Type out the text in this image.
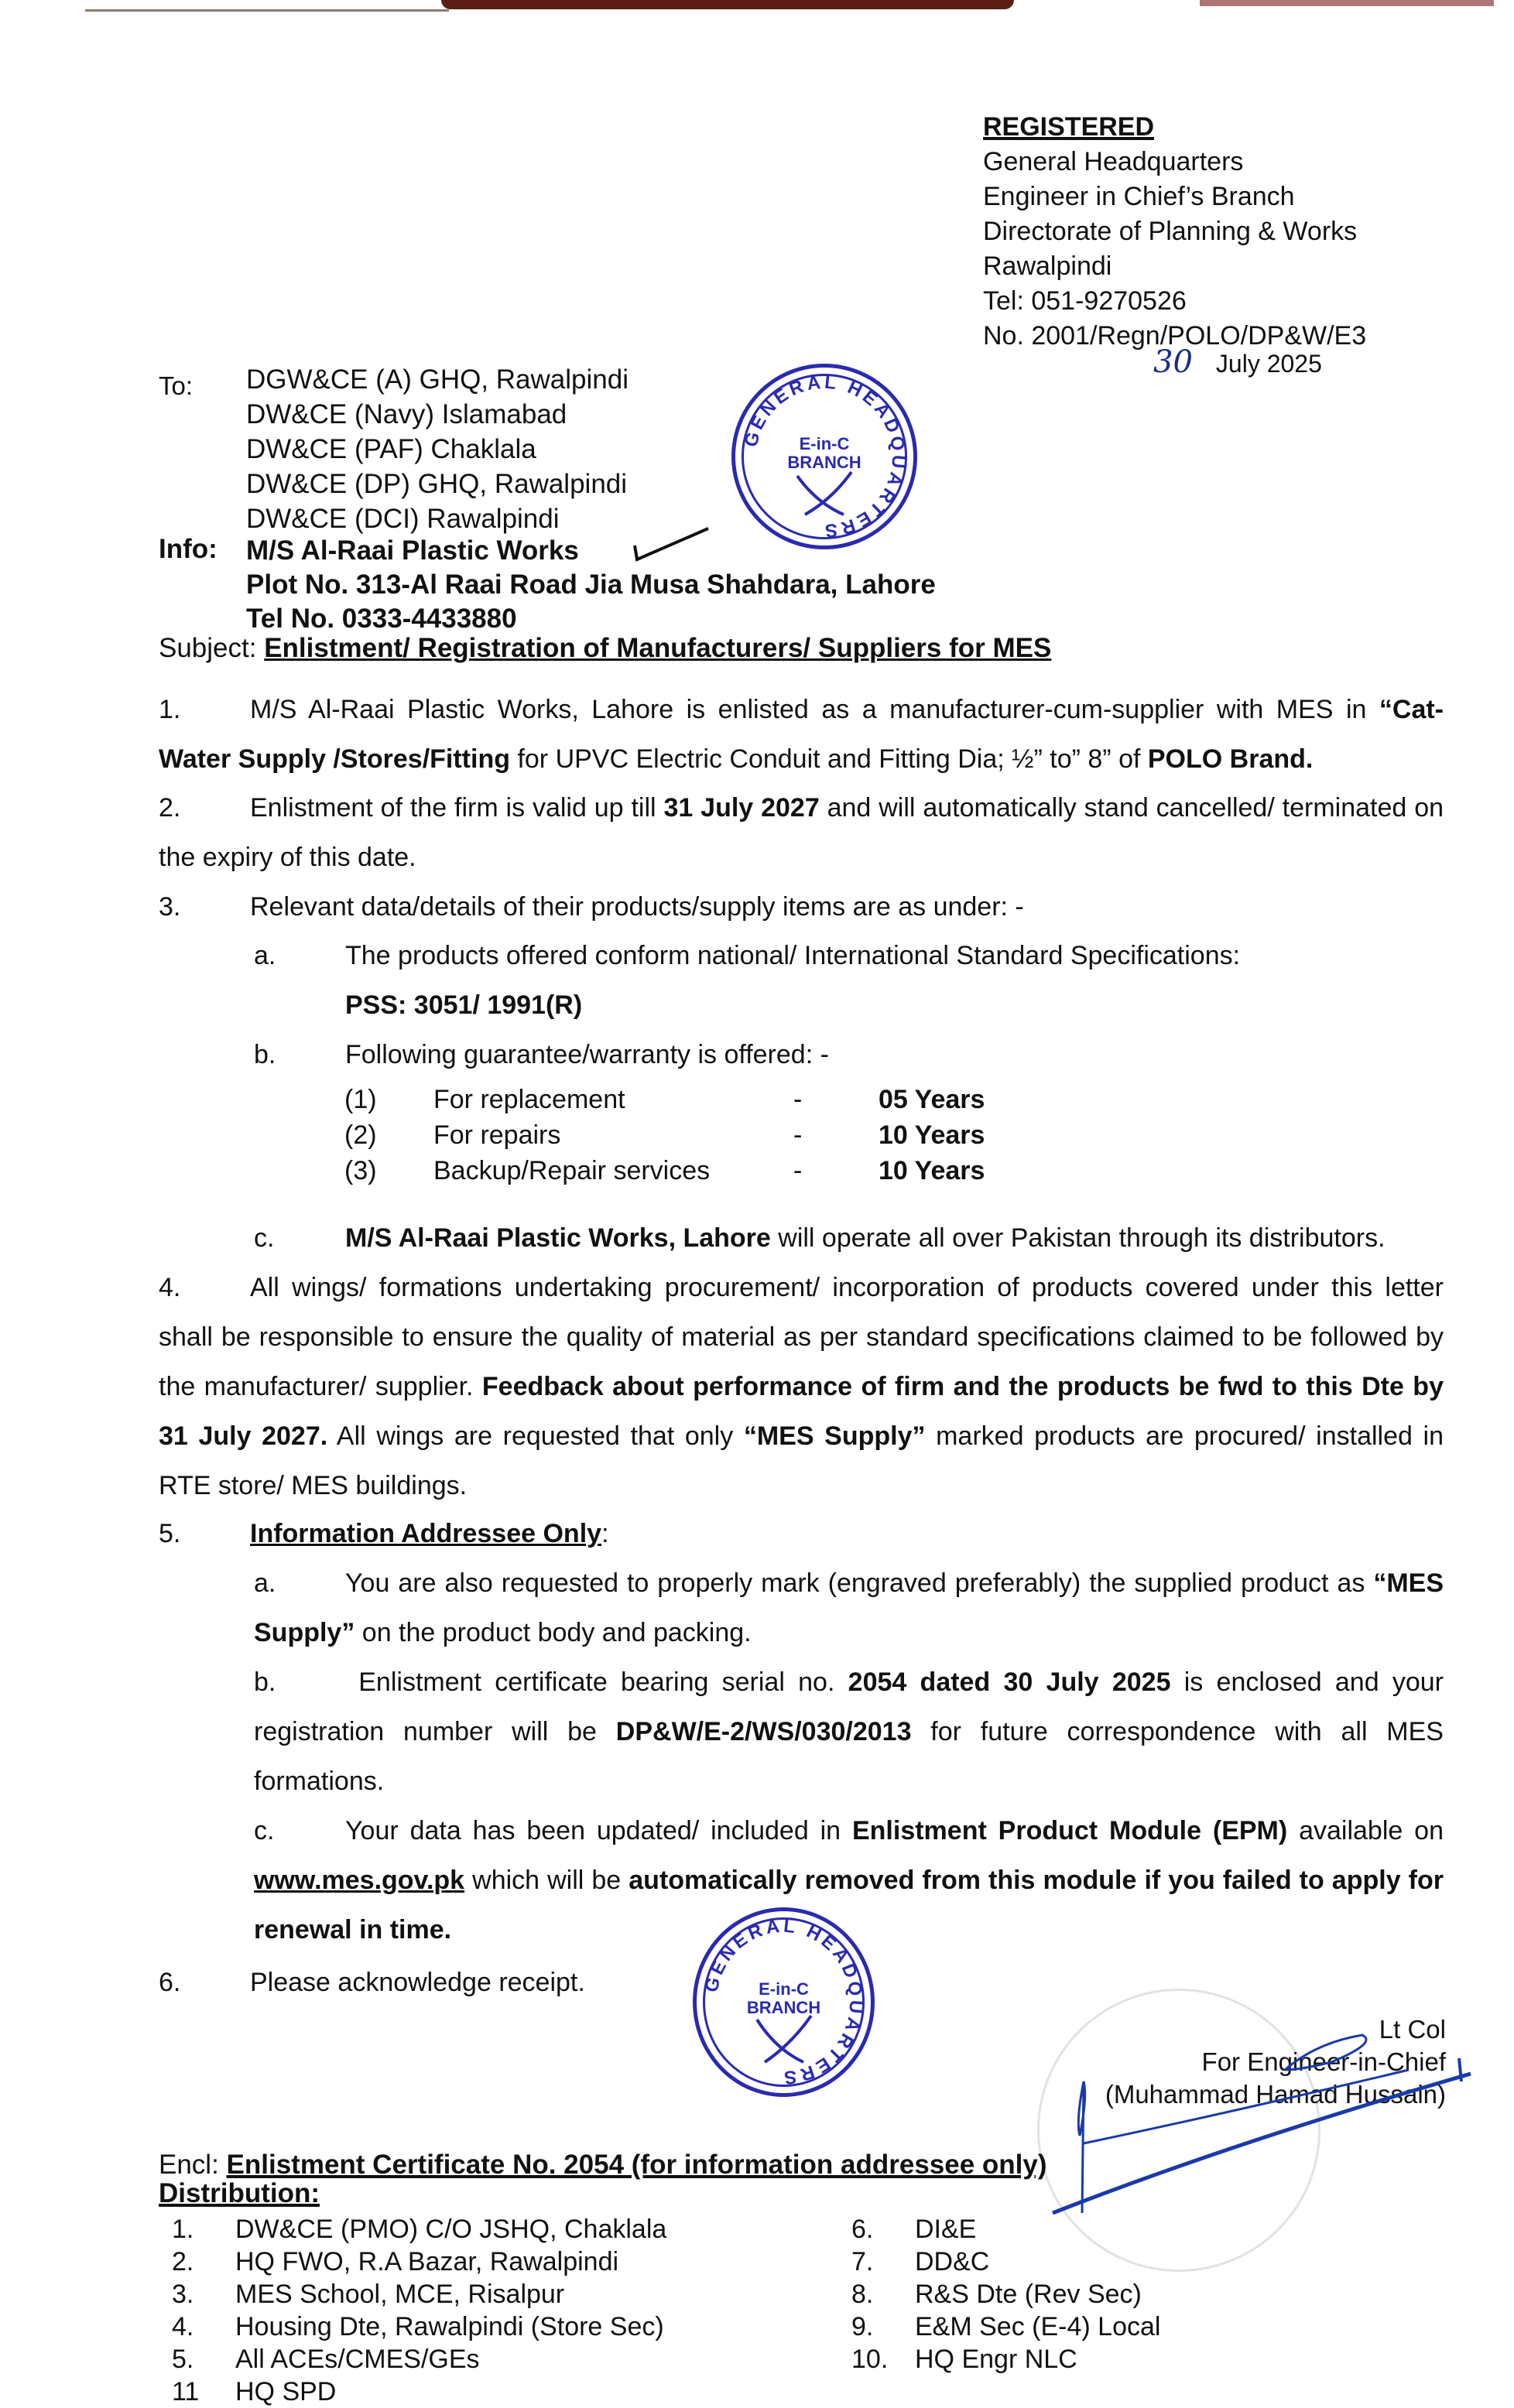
REGISTERED
General Headquarters
Engineer in Chief’s Branch
Directorate of Planning & Works
Rawalpindi
Tel: 051-9270526
No. 2001/Regn/POLO/DP&W/E3
30 July 2025
To: DGW&CE (A) GHQ, Rawalpindi
DW&CE (Navy) Islamabad
DW&CE (PAF) Chaklala
DW&CE (DP) GHQ, Rawalpindi
DW&CE (DCI) Rawalpindi
Info: M/S Al-Raai Plastic Works
Plot No. 313-Al Raai Road Jia Musa Shahdara, Lahore
Tel No. 0333-4433880
GENERAL HEADQUARTERS
E-in-C
BRANCH
Subject: Enlistment/ Registration of Manufacturers/ Suppliers for MES
1.	M/S Al-Raai Plastic Works, Lahore is enlisted as a manufacturer-cum-supplier with MES in “Cat- Water Supply /Stores/Fitting for UPVC Electric Conduit and Fitting Dia; ½” to” 8” of POLO Brand.
2.	Enlistment of the firm is valid up till 31 July 2027 and will automatically stand cancelled/ terminated on the expiry of this date.
3.	Relevant data/details of their products/supply items are as under: -
a.	The products offered conform national/ International Standard Specifications:
PSS: 3051/ 1991(R)
b.	Following guarantee/warranty is offered: -
(1)	For replacement	-	05 Years
(2)	For repairs	-	10 Years
(3)	Backup/Repair services	-	10 Years
c.	M/S Al-Raai Plastic Works, Lahore will operate all over Pakistan through its distributors.
4.	All wings/ formations undertaking procurement/ incorporation of products covered under this letter shall be responsible to ensure the quality of material as per standard specifications claimed to be followed by the manufacturer/ supplier. Feedback about performance of firm and the products be fwd to this Dte by 31 July 2027. All wings are requested that only “MES Supply” marked products are procured/ installed in RTE store/ MES buildings.
5.	Information Addressee Only:
a.	You are also requested to properly mark (engraved preferably) the supplied product as “MES Supply” on the product body and packing.
b.	Enlistment certificate bearing serial no. 2054 dated 30 July 2025 is enclosed and your registration number will be DP&W/E-2/WS/030/2013 for future correspondence with all MES formations.
c.	Your data has been updated/ included in Enlistment Product Module (EPM) available on www.mes.gov.pk which will be automatically removed from this module if you failed to apply for renewal in time.
6.	Please acknowledge receipt.	GENERAL HEADQUARTERS
E-in-C
BRANCH
Lt Col
For Engineer-in-Chief
(Muhammad Hamad Hussain)
Encl: Enlistment Certificate No. 2054 (for information addressee only)
Distribution:
1.	DW&CE (PMO) C/O JSHQ, Chaklala
2.	HQ FWO, R.A Bazar, Rawalpindi
3.	MES School, MCE, Risalpur
4.	Housing Dte, Rawalpindi (Store Sec)
5.	All ACEs/CMES/GEs
11	HQ SPD
6.	DI&E
7.	DD&C
8.	R&S Dte (Rev Sec)
9.	E&M Sec (E-4) Local
10.	HQ Engr NLC
